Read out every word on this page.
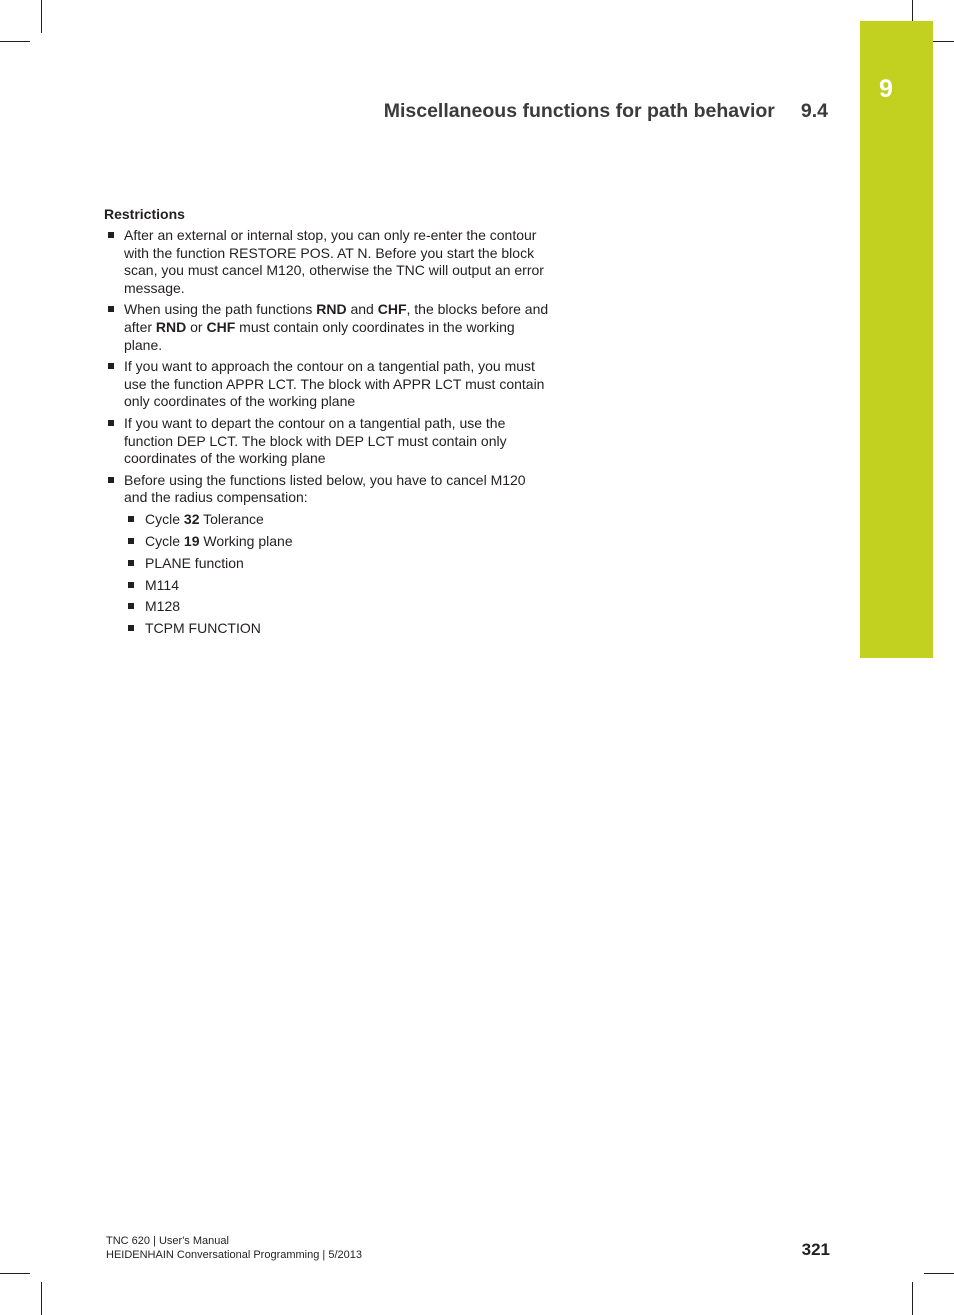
9
Miscellaneous functions for path behavior 9.4
Restrictions
After an external or internal stop, you can only re-enter the contour with the function RESTORE POS. AT N. Before you start the block scan, you must cancel M120, otherwise the TNC will output an error message.
When using the path functions RND and CHF, the blocks before and after RND or CHF must contain only coordinates in the working plane.
If you want to approach the contour on a tangential path, you must use the function APPR LCT. The block with APPR LCT must contain only coordinates of the working plane
If you want to depart the contour on a tangential path, use the function DEP LCT. The block with DEP LCT must contain only coordinates of the working plane
Before using the functions listed below, you have to cancel M120 and the radius compensation:
Cycle 32 Tolerance
Cycle 19 Working plane
PLANE function
M114
M128
TCPM FUNCTION
TNC 620 | User's Manual
HEIDENHAIN Conversational Programming | 5/2013	321
